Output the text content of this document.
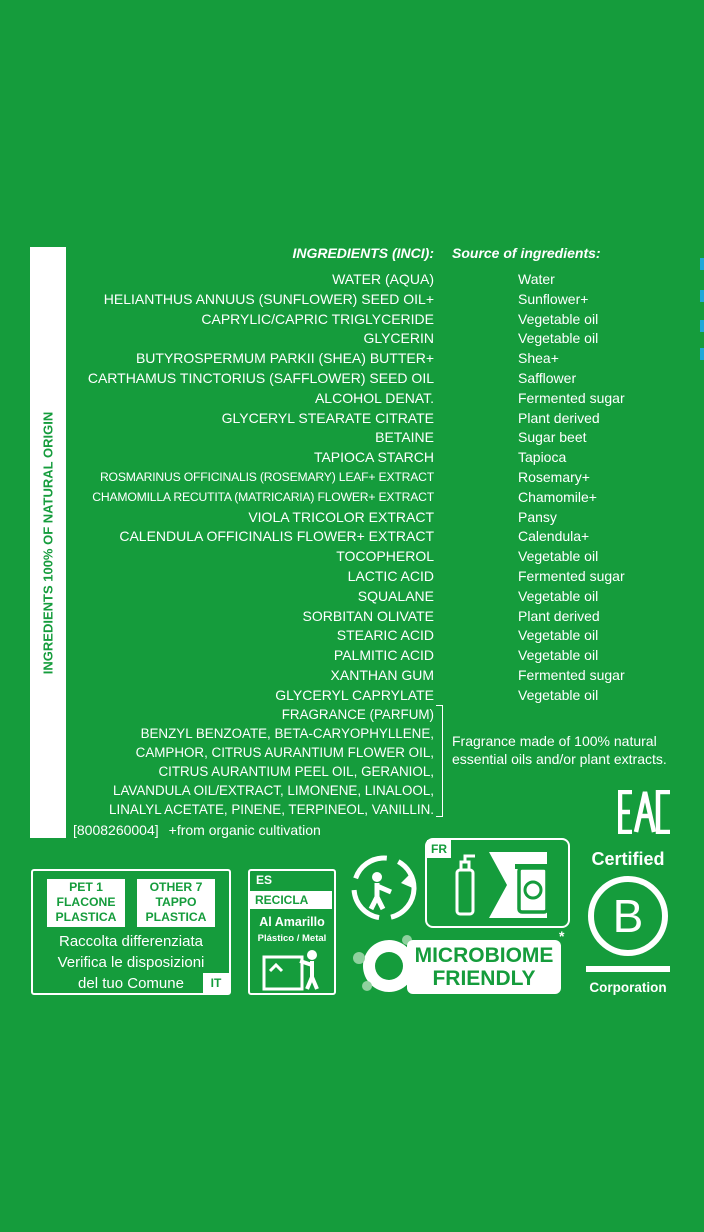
INGREDIENTS 100% OF NATURAL ORIGIN
INGREDIENTS (INCI): Source of ingredients:
WATER (AQUA)	Water
HELIANTHUS ANNUUS (SUNFLOWER) SEED OIL+	Sunflower+
CAPRYLIC/CAPRIC TRIGLYCERIDE	Vegetable oil
GLYCERIN	Vegetable oil
BUTYROSPERMUM PARKII (SHEA) BUTTER+	Shea+
CARTHAMUS TINCTORIUS (SAFFLOWER) SEED OIL	Safflower
ALCOHOL DENAT.	Fermented sugar
GLYCERYL STEARATE CITRATE	Plant derived
BETAINE	Sugar beet
TAPIOCA STARCH	Tapioca
ROSMARINUS OFFICINALIS (ROSEMARY) LEAF+ EXTRACT	Rosemary+
CHAMOMILLA RECUTITA (MATRICARIA) FLOWER+ EXTRACT	Chamomile+
VIOLA TRICOLOR EXTRACT	Pansy
CALENDULA OFFICINALIS FLOWER+ EXTRACT	Calendula+
TOCOPHEROL	Vegetable oil
LACTIC ACID	Fermented sugar
SQUALANE	Vegetable oil
SORBITAN OLIVATE	Plant derived
STEARIC ACID	Vegetable oil
PALMITIC ACID	Vegetable oil
XANTHAN GUM	Fermented sugar
GLYCERYL CAPRYLATE	Vegetable oil
FRAGRANCE (PARFUM)
BENZYL BENZOATE, BETA-CARYOPHYLLENE,
CAMPHOR, CITRUS AURANTIUM FLOWER OIL,
CITRUS AURANTIUM PEEL OIL, GERANIOL,
LAVANDULA OIL/EXTRACT, LIMONENE, LINALOOL,
LINALYL ACETATE, PINENE, TERPINEOL, VANILLIN.
Fragrance made of 100% natural essential oils and/or plant extracts.
[8008260004] +from organic cultivation
PET 1
FLACONE
PLASTICA
OTHER 7
TAPPO
PLASTICA
Raccolta differenziata
Verifica le disposizioni
del tuo Comune	IT
ES
RECICLA
Al Amarillo
Plástico / Metal
FR
MICROBIOME
FRIENDLY
*
Certified
B
Corporation
